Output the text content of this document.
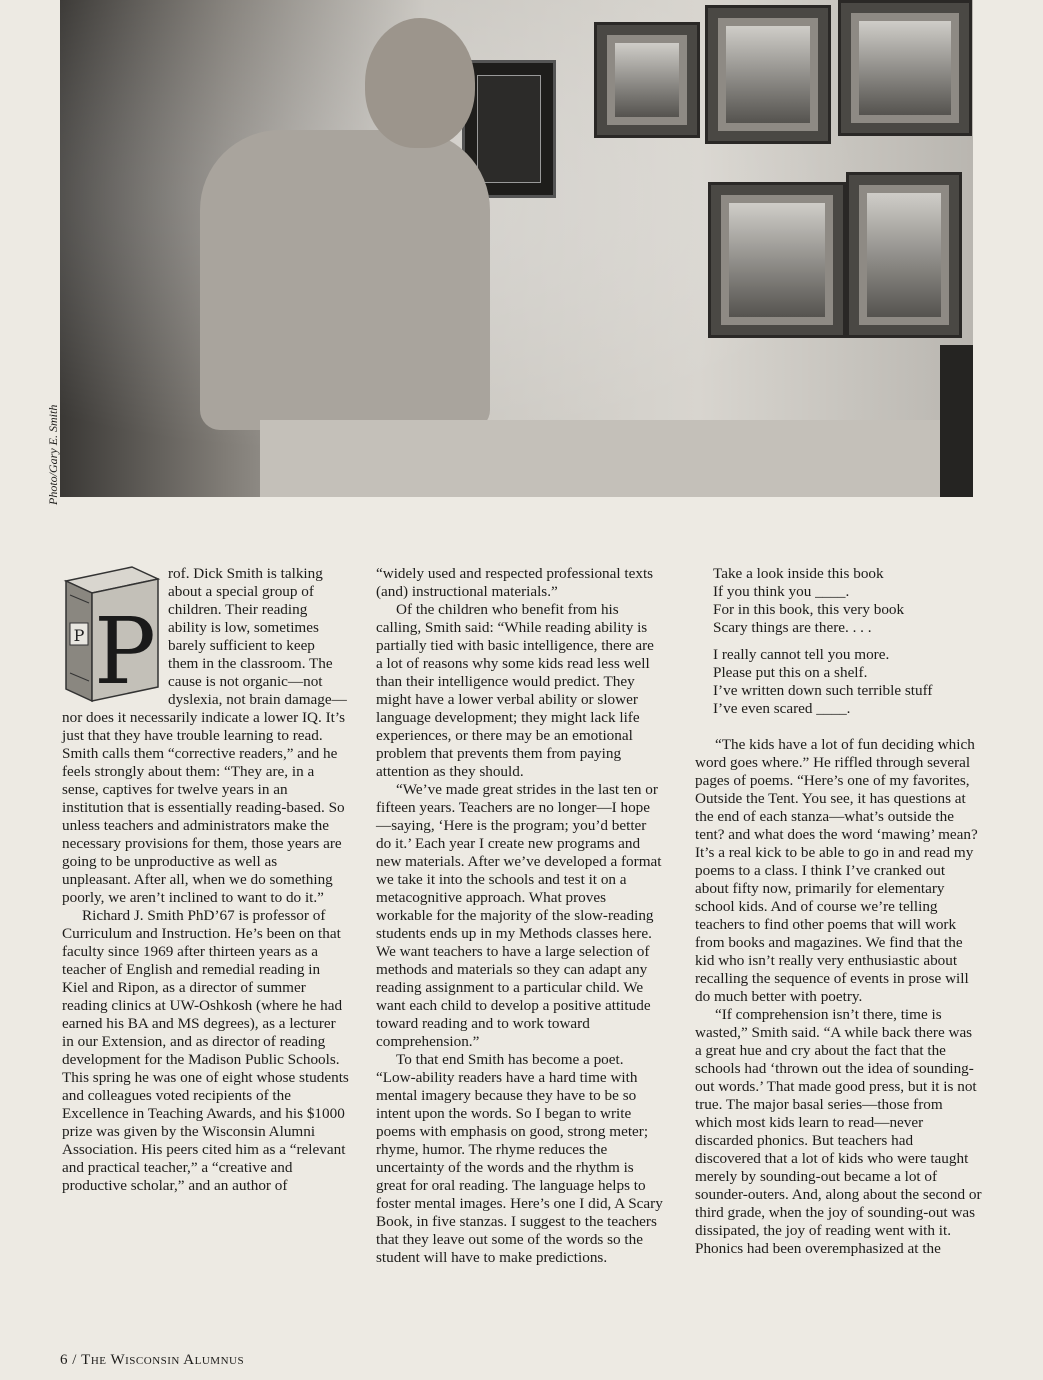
Photo/Gary E. Smith
P P

rof. Dick Smith is talking about a special group of children. Their reading ability is low, sometimes barely sufficient to keep them in the classroom. The cause is not organic—not dyslexia, not brain damage—nor does it necessarily indicate a lower IQ. It’s just that they have trouble learning to read. Smith calls them “corrective readers,” and he feels strongly about them: “They are, in a sense, captives for twelve years in an institution that is essentially reading-based. So unless teachers and administrators make the necessary provisions for them, those years are going to be unproductive as well as unpleasant. After all, when we do something poorly, we aren’t inclined to want to do it.”

Richard J. Smith PhD’67 is professor of Curriculum and Instruction. He’s been on that faculty since 1969 after thirteen years as a teacher of English and remedial reading in Kiel and Ripon, as a director of summer reading clinics at UW-Oshkosh (where he had earned his BA and MS degrees), as a lecturer in our Extension, and as director of reading development for the Madison Public Schools. This spring he was one of eight whose students and colleagues voted recipients of the Excellence in Teaching Awards, and his $1000 prize was given by the Wisconsin Alumni Association. His peers cited him as a “relevant and practical teacher,” a “creative and productive scholar,” and an author of

“widely used and respected professional texts (and) instructional materials.”

Of the children who benefit from his calling, Smith said: “While reading ability is partially tied with basic intelligence, there are a lot of reasons why some kids read less well than their intelligence would predict. They might have a lower verbal ability or slower language development; they might lack life experiences, or there may be an emotional problem that prevents them from paying attention as they should.

“We’ve made great strides in the last ten or fifteen years. Teachers are no longer—I hope—saying, ‘Here is the program; you’d better do it.’ Each year I create new programs and new materials. After we’ve developed a format we take it into the schools and test it on a metacognitive approach. What proves workable for the majority of the slow-reading students ends up in my Methods classes here. We want teachers to have a large selection of methods and materials so they can adapt any reading assignment to a particular child. We want each child to develop a positive attitude toward reading and to work toward comprehension.”

To that end Smith has become a poet. “Low-ability readers have a hard time with mental imagery because they have to be so intent upon the words. So I began to write poems with emphasis on good, strong meter; rhyme, humor. The rhyme reduces the uncertainty of the words and the rhythm is great for oral reading. The language helps to foster mental images. Here’s one I did, A Scary Book, in five stanzas. I suggest to the teachers that they leave out some of the words so the student will have to make predictions.

Take a look inside this book
If you think you ____.
For in this book, this very book
Scary things are there. . . .
I really cannot tell you more.
Please put this on a shelf.
I’ve written down such terrible stuff
I’ve even scared ____.

“The kids have a lot of fun deciding which word goes where.” He riffled through several pages of poems. “Here’s one of my favorites, Outside the Tent. You see, it has questions at the end of each stanza—what’s outside the tent? and what does the word ‘mawing’ mean? It’s a real kick to be able to go in and read my poems to a class. I think I’ve cranked out about fifty now, primarily for elementary school kids. And of course we’re telling teachers to find other poems that will work from books and magazines. We find that the kid who isn’t really very enthusiastic about recalling the sequence of events in prose will do much better with poetry.

“If comprehension isn’t there, time is wasted,” Smith said. “A while back there was a great hue and cry about the fact that the schools had ‘thrown out the idea of sounding-out words.’ That made good press, but it is not true. The major basal series—those from which most kids learn to read—never discarded phonics. But teachers had discovered that a lot of kids who were taught merely by sounding-out became a lot of sounder-outers. And, along about the second or third grade, when the joy of sounding-out was dissipated, the joy of reading went with it. Phonics had been overemphasized at the

6 / The Wisconsin Alumnus
